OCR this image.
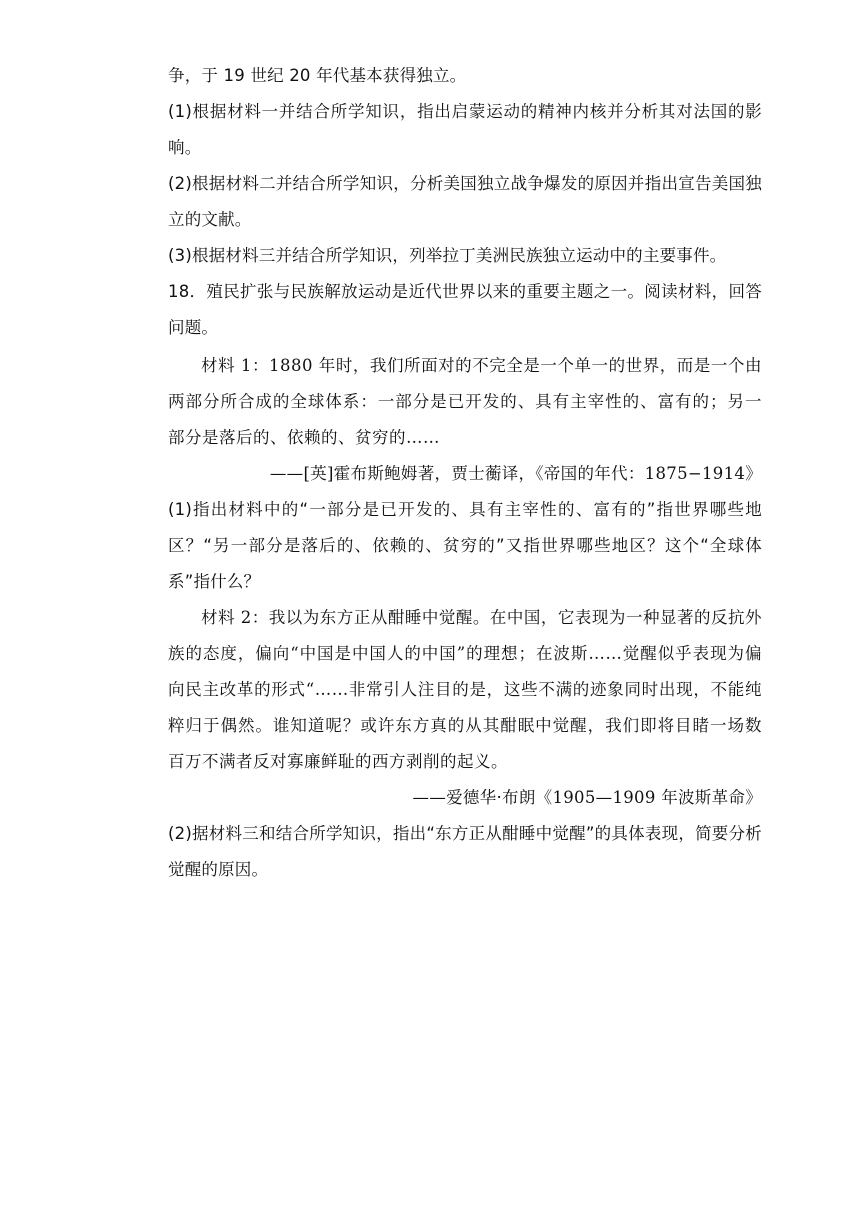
争，于 19 世纪 20 年代基本获得独立。

(1)根据材料一并结合所学知识，指出启蒙运动的精神内核并分析其对法国的影响。

(2)根据材料二并结合所学知识，分析美国独立战争爆发的原因并指出宣告美国独立的文献。

(3)根据材料三并结合所学知识，列举拉丁美洲民族独立运动中的主要事件。

18．殖民扩张与民族解放运动是近代世界以来的重要主题之一。阅读材料，回答问题。

材料 1：1880 年时，我们所面对的不完全是一个单一的世界，而是一个由两部分所合成的全球体系：一部分是已开发的、具有主宰性的、富有的；另一部分是落后的、依赖的、贫穷的……

——[英]霍布斯鲍姆著，贾士蘅译，《帝国的年代：1875−1914》

(1)指出材料中的“一部分是已开发的、具有主宰性的、富有的”指世界哪些地区？“另一部分是落后的、依赖的、贫穷的”又指世界哪些地区？这个“全球体系”指什么？

材料 2：我以为东方正从酣睡中觉醒。在中国，它表现为一种显著的反抗外族的态度，偏向“中国是中国人的中国”的理想；在波斯……觉醒似乎表现为偏向民主改革的形式“……非常引人注目的是，这些不满的迹象同时出现，不能纯粹归于偶然。谁知道呢？或许东方真的从其酣眠中觉醒，我们即将目睹一场数百万不满者反对寡廉鲜耻的西方剥削的起义。

——爱德华·布朗《1905—1909 年波斯革命》

(2)据材料三和结合所学知识，指出“东方正从酣睡中觉醒”的具体表现，简要分析觉醒的原因。
